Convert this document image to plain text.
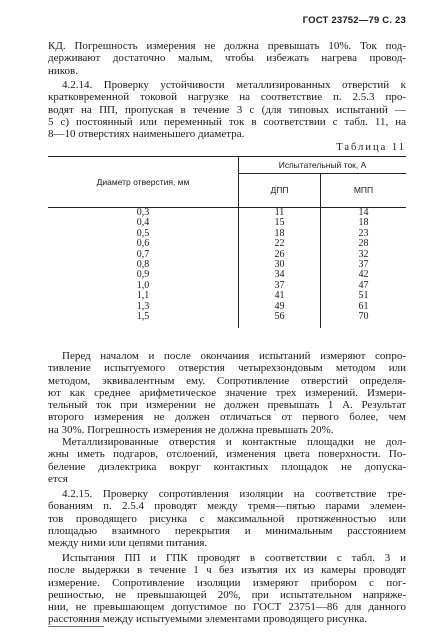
ГОСТ 23752—79 С. 23
КД. Погрешность измерения не должна превышать 10%. Ток под-
держивают достаточно малым, чтобы избежать нагрева провод-
ников.
4.2.14. Проверку устойчивости металлизированных отверстий к
кратковременной токовой нагрузке на соответствие п. 2.5.3 про-
водят на ПП, пропуская в течение 3 с (для типовых испытаний —
5 с) постоянный или переменный ток в соответствии с табл. 11, на
8—10 отверстиях наименьшего диаметра.
Таблица 11
Диаметр отверстия, мм	Испытательный ток, А	
	ДПП	МПП
0,3	11	14
0,4	15	18
0,5	18	23
0,6	22	28
0,7	26	32
0,8	30	37
0,9	34	42
1,0	37	47
1,1	41	51
1,3	49	61
1,5	56	70

Перед началом и после окончания испытаний измеряют сопро-
тивление испытуемого отверстия четырехзондовым методом или
методом, эквивалентным ему. Сопротивление отверстий определя-
ют как среднее арифметическое значение трех измерений. Измери-
тельный ток при измерении не должен превышать 1 А. Результат
второго измерения не должен отличаться от первого более, чем
на 30%. Погрешность измерения не должна превышать 20%.
Металлизированные отверстия и контактные площадки не дол-
жны иметь подгаров, отслоений, изменения цвета поверхности. По-
беление диэлектрика вокруг контактных площадок не допуска-
ется
4.2.15. Проверку сопротивления изоляции на соответствие тре-
бованиям п. 2.5.4 проводят между тремя—пятью парами элемен-
тов проводящего рисунка с максимальной протяженностью или
площадью взаимного перекрытия и минимальным расстоянием
между ними или цепями питания.
Испытания ПП и ГПК проводят в соответствии с табл. 3 и
после выдержки в течение 1 ч без изъятия их из камеры проводят
измерение. Сопротивление изоляции измеряют прибором с пог-
решностью, не превышающей 20%, при испытательном напряже-
нии, не превышающем допустимое по ГОСТ 23751—86 для данного
расстояния между испытуемыми элементами проводящего рисунка.
